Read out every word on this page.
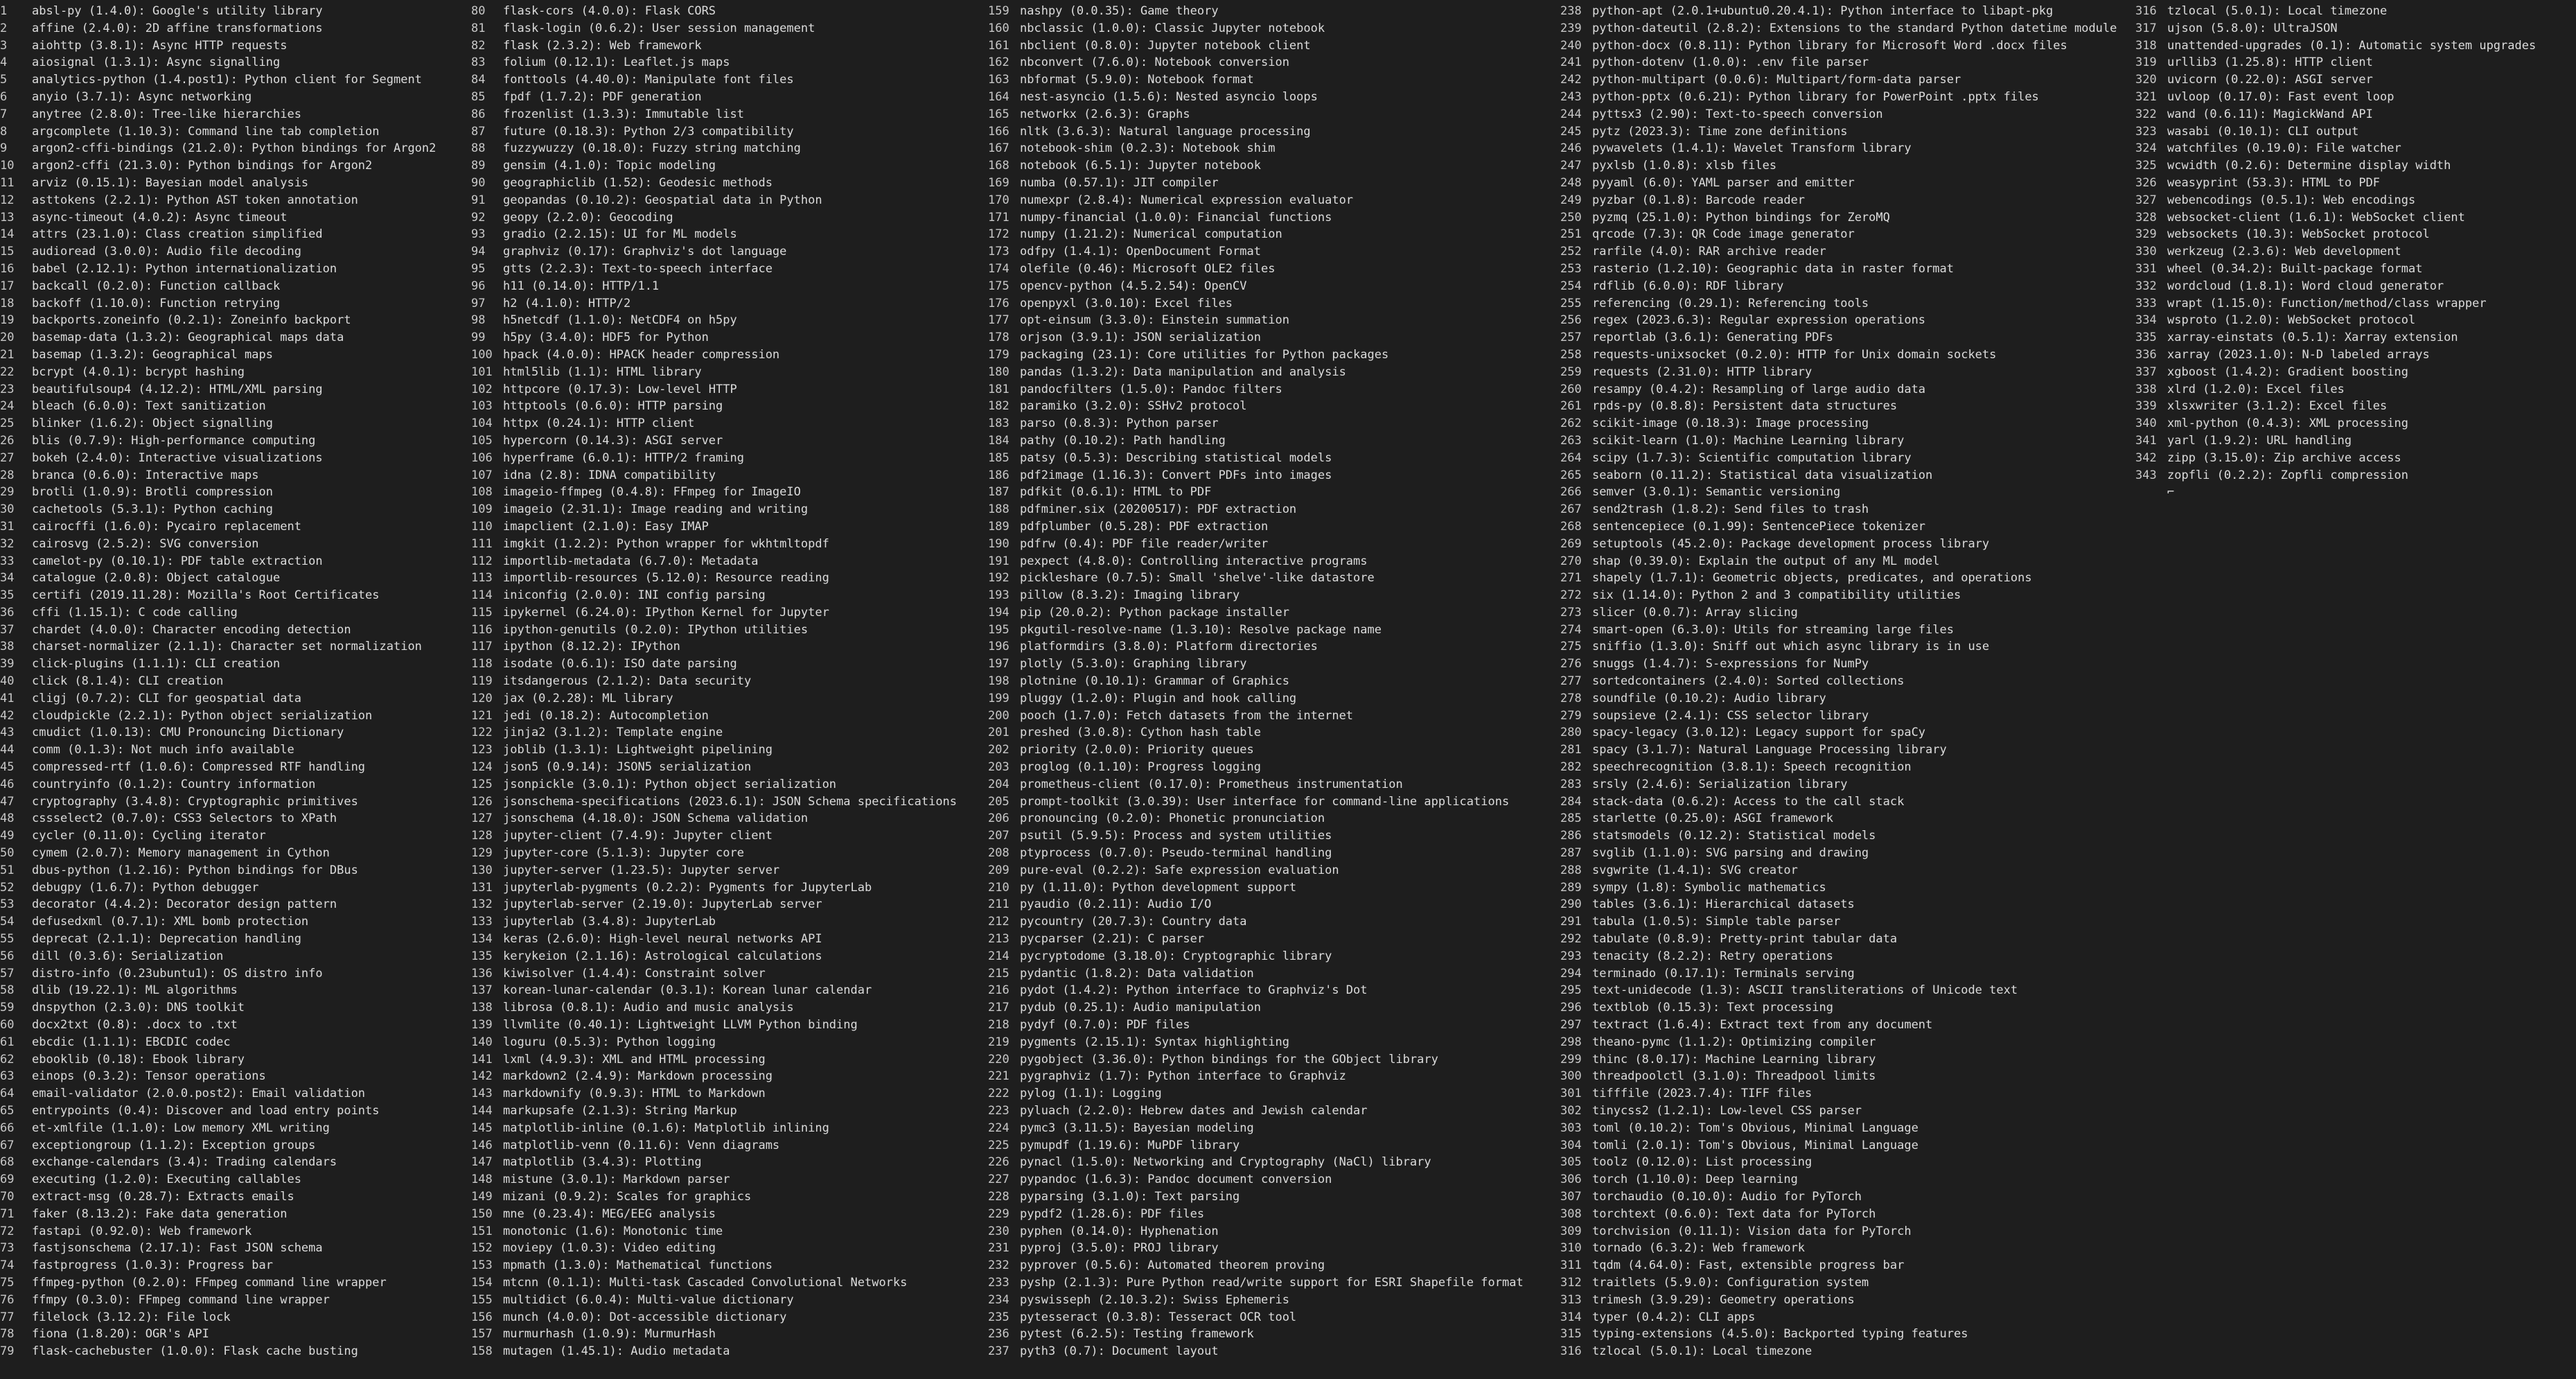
1 absl-py (1.4.0): Google's utility library
2 affine (2.4.0): 2D affine transformations
3 aiohttp (3.8.1): Async HTTP requests
4 aiosignal (1.3.1): Async signalling
5 analytics-python (1.4.post1): Python client for Segment
6 anyio (3.7.1): Async networking
7 anytree (2.8.0): Tree-like hierarchies
8 argcomplete (1.10.3): Command line tab completion
9 argon2-cffi-bindings (21.2.0): Python bindings for Argon2
10 argon2-cffi (21.3.0): Python bindings for Argon2
11 arviz (0.15.1): Bayesian model analysis
12 asttokens (2.2.1): Python AST token annotation
13 async-timeout (4.0.2): Async timeout
14 attrs (23.1.0): Class creation simplified
15 audioread (3.0.0): Audio file decoding
16 babel (2.12.1): Python internationalization
17 backcall (0.2.0): Function callback
18 backoff (1.10.0): Function retrying
19 backports.zoneinfo (0.2.1): Zoneinfo backport
20 basemap-data (1.3.2): Geographical maps data
21 basemap (1.3.2): Geographical maps
22 bcrypt (4.0.1): bcrypt hashing
23 beautifulsoup4 (4.12.2): HTML/XML parsing
24 bleach (6.0.0): Text sanitization
25 blinker (1.6.2): Object signalling
26 blis (0.7.9): High-performance computing
27 bokeh (2.4.0): Interactive visualizations
28 branca (0.6.0): Interactive maps
29 brotli (1.0.9): Brotli compression
30 cachetools (5.3.1): Python caching
31 cairocffi (1.6.0): Pycairo replacement
32 cairosvg (2.5.2): SVG conversion
33 camelot-py (0.10.1): PDF table extraction
34 catalogue (2.0.8): Object catalogue
35 certifi (2019.11.28): Mozilla's Root Certificates
36 cffi (1.15.1): C code calling
37 chardet (4.0.0): Character encoding detection
38 charset-normalizer (2.1.1): Character set normalization
39 click-plugins (1.1.1): CLI creation
40 click (8.1.4): CLI creation
41 cligj (0.7.2): CLI for geospatial data
42 cloudpickle (2.2.1): Python object serialization
43 cmudict (1.0.13): CMU Pronouncing Dictionary
44 comm (0.1.3): Not much info available
45 compressed-rtf (1.0.6): Compressed RTF handling
46 countryinfo (0.1.2): Country information
47 cryptography (3.4.8): Cryptographic primitives
48 cssselect2 (0.7.0): CSS3 Selectors to XPath
49 cycler (0.11.0): Cycling iterator
50 cymem (2.0.7): Memory management in Cython
51 dbus-python (1.2.16): Python bindings for DBus
52 debugpy (1.6.7): Python debugger
53 decorator (4.4.2): Decorator design pattern
54 defusedxml (0.7.1): XML bomb protection
55 deprecat (2.1.1): Deprecation handling
56 dill (0.3.6): Serialization
57 distro-info (0.23ubuntu1): OS distro info
58 dlib (19.22.1): ML algorithms
59 dnspython (2.3.0): DNS toolkit
60 docx2txt (0.8): .docx to .txt
61 ebcdic (1.1.1): EBCDIC codec
62 ebooklib (0.18): Ebook library
63 einops (0.3.2): Tensor operations
64 email-validator (2.0.0.post2): Email validation
65 entrypoints (0.4): Discover and load entry points
66 et-xmlfile (1.1.0): Low memory XML writing
67 exceptiongroup (1.1.2): Exception groups
68 exchange-calendars (3.4): Trading calendars
69 executing (1.2.0): Executing callables
70 extract-msg (0.28.7): Extracts emails
71 faker (8.13.2): Fake data generation
72 fastapi (0.92.0): Web framework
73 fastjsonschema (2.17.1): Fast JSON schema
74 fastprogress (1.0.3): Progress bar
75 ffmpeg-python (0.2.0): FFmpeg command line wrapper
76 ffmpy (0.3.0): FFmpeg command line wrapper
77 filelock (3.12.2): File lock
78 fiona (1.8.20): OGR's API
79 flask-cachebuster (1.0.0): Flask cache busting
80 flask-cors (4.0.0): Flask CORS
81 flask-login (0.6.2): User session management
82 flask (2.3.2): Web framework
83 folium (0.12.1): Leaflet.js maps
84 fonttools (4.40.0): Manipulate font files
85 fpdf (1.7.2): PDF generation
86 frozenlist (1.3.3): Immutable list
87 future (0.18.3): Python 2/3 compatibility
88 fuzzywuzzy (0.18.0): Fuzzy string matching
89 gensim (4.1.0): Topic modeling
90 geographiclib (1.52): Geodesic methods
91 geopandas (0.10.2): Geospatial data in Python
92 geopy (2.2.0): Geocoding
93 gradio (2.2.15): UI for ML models
94 graphviz (0.17): Graphviz's dot language
95 gtts (2.2.3): Text-to-speech interface
96 h11 (0.14.0): HTTP/1.1
97 h2 (4.1.0): HTTP/2
98 h5netcdf (1.1.0): NetCDF4 on h5py
99 h5py (3.4.0): HDF5 for Python
100 hpack (4.0.0): HPACK header compression
101 html5lib (1.1): HTML library
102 httpcore (0.17.3): Low-level HTTP
103 httptools (0.6.0): HTTP parsing
104 httpx (0.24.1): HTTP client
105 hypercorn (0.14.3): ASGI server
106 hyperframe (6.0.1): HTTP/2 framing
107 idna (2.8): IDNA compatibility
108 imageio-ffmpeg (0.4.8): FFmpeg for ImageIO
109 imageio (2.31.1): Image reading and writing
110 imapclient (2.1.0): Easy IMAP
111 imgkit (1.2.2): Python wrapper for wkhtmltopdf
112 importlib-metadata (6.7.0): Metadata
113 importlib-resources (5.12.0): Resource reading
114 iniconfig (2.0.0): INI config parsing
115 ipykernel (6.24.0): IPython Kernel for Jupyter
116 ipython-genutils (0.2.0): IPython utilities
117 ipython (8.12.2): IPython
118 isodate (0.6.1): ISO date parsing
119 itsdangerous (2.1.2): Data security
120 jax (0.2.28): ML library
121 jedi (0.18.2): Autocompletion
122 jinja2 (3.1.2): Template engine
123 joblib (1.3.1): Lightweight pipelining
124 json5 (0.9.14): JSON5 serialization
125 jsonpickle (3.0.1): Python object serialization
126 jsonschema-specifications (2023.6.1): JSON Schema specifications
127 jsonschema (4.18.0): JSON Schema validation
128 jupyter-client (7.4.9): Jupyter client
129 jupyter-core (5.1.3): Jupyter core
130 jupyter-server (1.23.5): Jupyter server
131 jupyterlab-pygments (0.2.2): Pygments for JupyterLab
132 jupyterlab-server (2.19.0): JupyterLab server
133 jupyterlab (3.4.8): JupyterLab
134 keras (2.6.0): High-level neural networks API
135 kerykeion (2.1.16): Astrological calculations
136 kiwisolver (1.4.4): Constraint solver
137 korean-lunar-calendar (0.3.1): Korean lunar calendar
138 librosa (0.8.1): Audio and music analysis
139 llvmlite (0.40.1): Lightweight LLVM Python binding
140 loguru (0.5.3): Python logging
141 lxml (4.9.3): XML and HTML processing
142 markdown2 (2.4.9): Markdown processing
143 markdownify (0.9.3): HTML to Markdown
144 markupsafe (2.1.3): String Markup
145 matplotlib-inline (0.1.6): Matplotlib inlining
146 matplotlib-venn (0.11.6): Venn diagrams
147 matplotlib (3.4.3): Plotting
148 mistune (3.0.1): Markdown parser
149 mizani (0.9.2): Scales for graphics
150 mne (0.23.4): MEG/EEG analysis
151 monotonic (1.6): Monotonic time
152 moviepy (1.0.3): Video editing
153 mpmath (1.3.0): Mathematical functions
154 mtcnn (0.1.1): Multi-task Cascaded Convolutional Networks
155 multidict (6.0.4): Multi-value dictionary
156 munch (4.0.0): Dot-accessible dictionary
157 murmurhash (1.0.9): MurmurHash
158 mutagen (1.45.1): Audio metadata
159 nashpy (0.0.35): Game theory
160 nbclassic (1.0.0): Classic Jupyter notebook
161 nbclient (0.8.0): Jupyter notebook client
162 nbconvert (7.6.0): Notebook conversion
163 nbformat (5.9.0): Notebook format
164 nest-asyncio (1.5.6): Nested asyncio loops
165 networkx (2.6.3): Graphs
166 nltk (3.6.3): Natural language processing
167 notebook-shim (0.2.3): Notebook shim
168 notebook (6.5.1): Jupyter notebook
169 numba (0.57.1): JIT compiler
170 numexpr (2.8.4): Numerical expression evaluator
171 numpy-financial (1.0.0): Financial functions
172 numpy (1.21.2): Numerical computation
173 odfpy (1.4.1): OpenDocument Format
174 olefile (0.46): Microsoft OLE2 files
175 opencv-python (4.5.2.54): OpenCV
176 openpyxl (3.0.10): Excel files
177 opt-einsum (3.3.0): Einstein summation
178 orjson (3.9.1): JSON serialization
179 packaging (23.1): Core utilities for Python packages
180 pandas (1.3.2): Data manipulation and analysis
181 pandocfilters (1.5.0): Pandoc filters
182 paramiko (3.2.0): SSHv2 protocol
183 parso (0.8.3): Python parser
184 pathy (0.10.2): Path handling
185 patsy (0.5.3): Describing statistical models
186 pdf2image (1.16.3): Convert PDFs into images
187 pdfkit (0.6.1): HTML to PDF
188 pdfminer.six (20200517): PDF extraction
189 pdfplumber (0.5.28): PDF extraction
190 pdfrw (0.4): PDF file reader/writer
191 pexpect (4.8.0): Controlling interactive programs
192 pickleshare (0.7.5): Small 'shelve'-like datastore
193 pillow (8.3.2): Imaging library
194 pip (20.0.2): Python package installer
195 pkgutil-resolve-name (1.3.10): Resolve package name
196 platformdirs (3.8.0): Platform directories
197 plotly (5.3.0): Graphing library
198 plotnine (0.10.1): Grammar of Graphics
199 pluggy (1.2.0): Plugin and hook calling
200 pooch (1.7.0): Fetch datasets from the internet
201 preshed (3.0.8): Cython hash table
202 priority (2.0.0): Priority queues
203 proglog (0.1.10): Progress logging
204 prometheus-client (0.17.0): Prometheus instrumentation
205 prompt-toolkit (3.0.39): User interface for command-line applications
206 pronouncing (0.2.0): Phonetic pronunciation
207 psutil (5.9.5): Process and system utilities
208 ptyprocess (0.7.0): Pseudo-terminal handling
209 pure-eval (0.2.2): Safe expression evaluation
210 py (1.11.0): Python development support
211 pyaudio (0.2.11): Audio I/O
212 pycountry (20.7.3): Country data
213 pycparser (2.21): C parser
214 pycryptodome (3.18.0): Cryptographic library
215 pydantic (1.8.2): Data validation
216 pydot (1.4.2): Python interface to Graphviz's Dot
217 pydub (0.25.1): Audio manipulation
218 pydyf (0.7.0): PDF files
219 pygments (2.15.1): Syntax highlighting
220 pygobject (3.36.0): Python bindings for the GObject library
221 pygraphviz (1.7): Python interface to Graphviz
222 pylog (1.1): Logging
223 pyluach (2.2.0): Hebrew dates and Jewish calendar
224 pymc3 (3.11.5): Bayesian modeling
225 pymupdf (1.19.6): MuPDF library
226 pynacl (1.5.0): Networking and Cryptography (NaCl) library
227 pypandoc (1.6.3): Pandoc document conversion
228 pyparsing (3.1.0): Text parsing
229 pypdf2 (1.28.6): PDF files
230 pyphen (0.14.0): Hyphenation
231 pyproj (3.5.0): PROJ library
232 pyprover (0.5.6): Automated theorem proving
233 pyshp (2.1.3): Pure Python read/write support for ESRI Shapefile format
234 pyswisseph (2.10.3.2): Swiss Ephemeris
235 pytesseract (0.3.8): Tesseract OCR tool
236 pytest (6.2.5): Testing framework
237 pyth3 (0.7): Document layout
238 python-apt (2.0.1+ubuntu0.20.4.1): Python interface to libapt-pkg
239 python-dateutil (2.8.2): Extensions to the standard Python datetime module
240 python-docx (0.8.11): Python library for Microsoft Word .docx files
241 python-dotenv (1.0.0): .env file parser
242 python-multipart (0.0.6): Multipart/form-data parser
243 python-pptx (0.6.21): Python library for PowerPoint .pptx files
244 pyttsx3 (2.90): Text-to-speech conversion
245 pytz (2023.3): Time zone definitions
246 pywavelets (1.4.1): Wavelet Transform library
247 pyxlsb (1.0.8): xlsb files
248 pyyaml (6.0): YAML parser and emitter
249 pyzbar (0.1.8): Barcode reader
250 pyzmq (25.1.0): Python bindings for ZeroMQ
251 qrcode (7.3): QR Code image generator
252 rarfile (4.0): RAR archive reader
253 rasterio (1.2.10): Geographic data in raster format
254 rdflib (6.0.0): RDF library
255 referencing (0.29.1): Referencing tools
256 regex (2023.6.3): Regular expression operations
257 reportlab (3.6.1): Generating PDFs
258 requests-unixsocket (0.2.0): HTTP for Unix domain sockets
259 requests (2.31.0): HTTP library
260 resampy (0.4.2): Resampling of large audio data
261 rpds-py (0.8.8): Persistent data structures
262 scikit-image (0.18.3): Image processing
263 scikit-learn (1.0): Machine Learning library
264 scipy (1.7.3): Scientific computation library
265 seaborn (0.11.2): Statistical data visualization
266 semver (3.0.1): Semantic versioning
267 send2trash (1.8.2): Send files to trash
268 sentencepiece (0.1.99): SentencePiece tokenizer
269 setuptools (45.2.0): Package development process library
270 shap (0.39.0): Explain the output of any ML model
271 shapely (1.7.1): Geometric objects, predicates, and operations
272 six (1.14.0): Python 2 and 3 compatibility utilities
273 slicer (0.0.7): Array slicing
274 smart-open (6.3.0): Utils for streaming large files
275 sniffio (1.3.0): Sniff out which async library is in use
276 snuggs (1.4.7): S-expressions for NumPy
277 sortedcontainers (2.4.0): Sorted collections
278 soundfile (0.10.2): Audio library
279 soupsieve (2.4.1): CSS selector library
280 spacy-legacy (3.0.12): Legacy support for spaCy
281 spacy (3.1.7): Natural Language Processing library
282 speechrecognition (3.8.1): Speech recognition
283 srsly (2.4.6): Serialization library
284 stack-data (0.6.2): Access to the call stack
285 starlette (0.25.0): ASGI framework
286 statsmodels (0.12.2): Statistical models
287 svglib (1.1.0): SVG parsing and drawing
288 svgwrite (1.4.1): SVG creator
289 sympy (1.8): Symbolic mathematics
290 tables (3.6.1): Hierarchical datasets
291 tabula (1.0.5): Simple table parser
292 tabulate (0.8.9): Pretty-print tabular data
293 tenacity (8.2.2): Retry operations
294 terminado (0.17.1): Terminals serving
295 text-unidecode (1.3): ASCII transliterations of Unicode text
296 textblob (0.15.3): Text processing
297 textract (1.6.4): Extract text from any document
298 theano-pymc (1.1.2): Optimizing compiler
299 thinc (8.0.17): Machine Learning library
300 threadpoolctl (3.1.0): Threadpool limits
301 tifffile (2023.7.4): TIFF files
302 tinycss2 (1.2.1): Low-level CSS parser
303 toml (0.10.2): Tom's Obvious, Minimal Language
304 tomli (2.0.1): Tom's Obvious, Minimal Language
305 toolz (0.12.0): List processing
306 torch (1.10.0): Deep learning
307 torchaudio (0.10.0): Audio for PyTorch
308 torchtext (0.6.0): Text data for PyTorch
309 torchvision (0.11.1): Vision data for PyTorch
310 tornado (6.3.2): Web framework
311 tqdm (4.64.0): Fast, extensible progress bar
312 traitlets (5.9.0): Configuration system
313 trimesh (3.9.29): Geometry operations
314 typer (0.4.2): CLI apps
315 typing-extensions (4.5.0): Backported typing features
316 tzlocal (5.0.1): Local timezone
316 tzlocal (5.0.1): Local timezone
317 ujson (5.8.0): UltraJSON
318 unattended-upgrades (0.1): Automatic system upgrades
319 urllib3 (1.25.8): HTTP client
320 uvicorn (0.22.0): ASGI server
321 uvloop (0.17.0): Fast event loop
322 wand (0.6.11): MagickWand API
323 wasabi (0.10.1): CLI output
324 watchfiles (0.19.0): File watcher
325 wcwidth (0.2.6): Determine display width
326 weasyprint (53.3): HTML to PDF
327 webencodings (0.5.1): Web encodings
328 websocket-client (1.6.1): WebSocket client
329 websockets (10.3): WebSocket protocol
330 werkzeug (2.3.6): Web development
331 wheel (0.34.2): Built-package format
332 wordcloud (1.8.1): Word cloud generator
333 wrapt (1.15.0): Function/method/class wrapper
334 wsproto (1.2.0): WebSocket protocol
335 xarray-einstats (0.5.1): Xarray extension
336 xarray (2023.1.0): N-D labeled arrays
337 xgboost (1.4.2): Gradient boosting
338 xlrd (1.2.0): Excel files
339 xlsxwriter (3.1.2): Excel files
340 xml-python (0.4.3): XML processing
341 yarl (1.9.2): URL handling
342 zipp (3.15.0): Zip archive access
343 zopfli (0.2.2): Zopfli compression
⌐
